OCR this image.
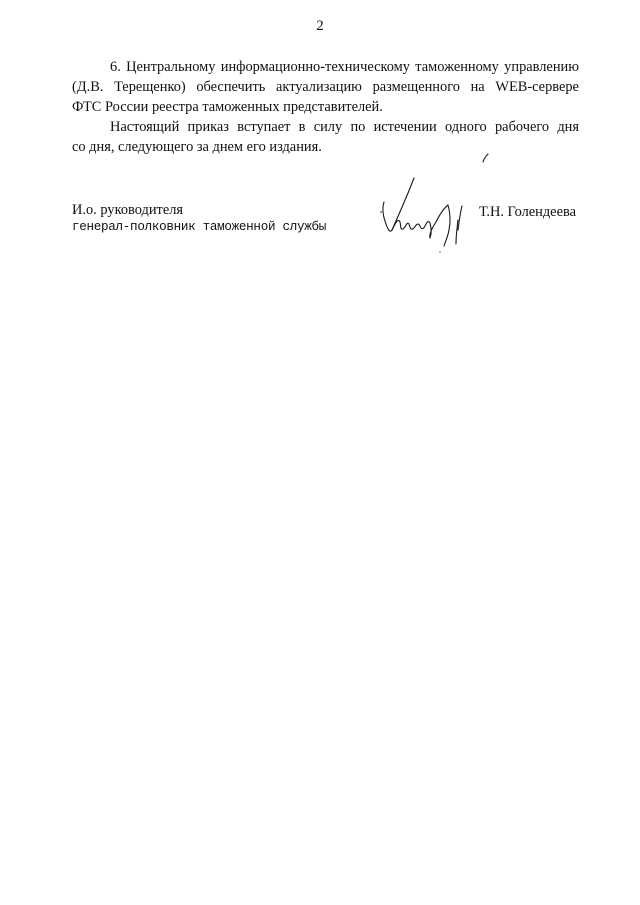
2
6. Центральному информационно-техническому таможенному управлению
(Д.В. Терещенко) обеспечить актуализацию размещенного на WEB-сервере
ФТС России реестра таможенных представителей.
Настоящий приказ вступает в силу по истечении одного рабочего дня
со дня, следующего за днем его издания.
И.о. руководителя
генерал-полковник таможенной службы
Т.Н. Голендеева
